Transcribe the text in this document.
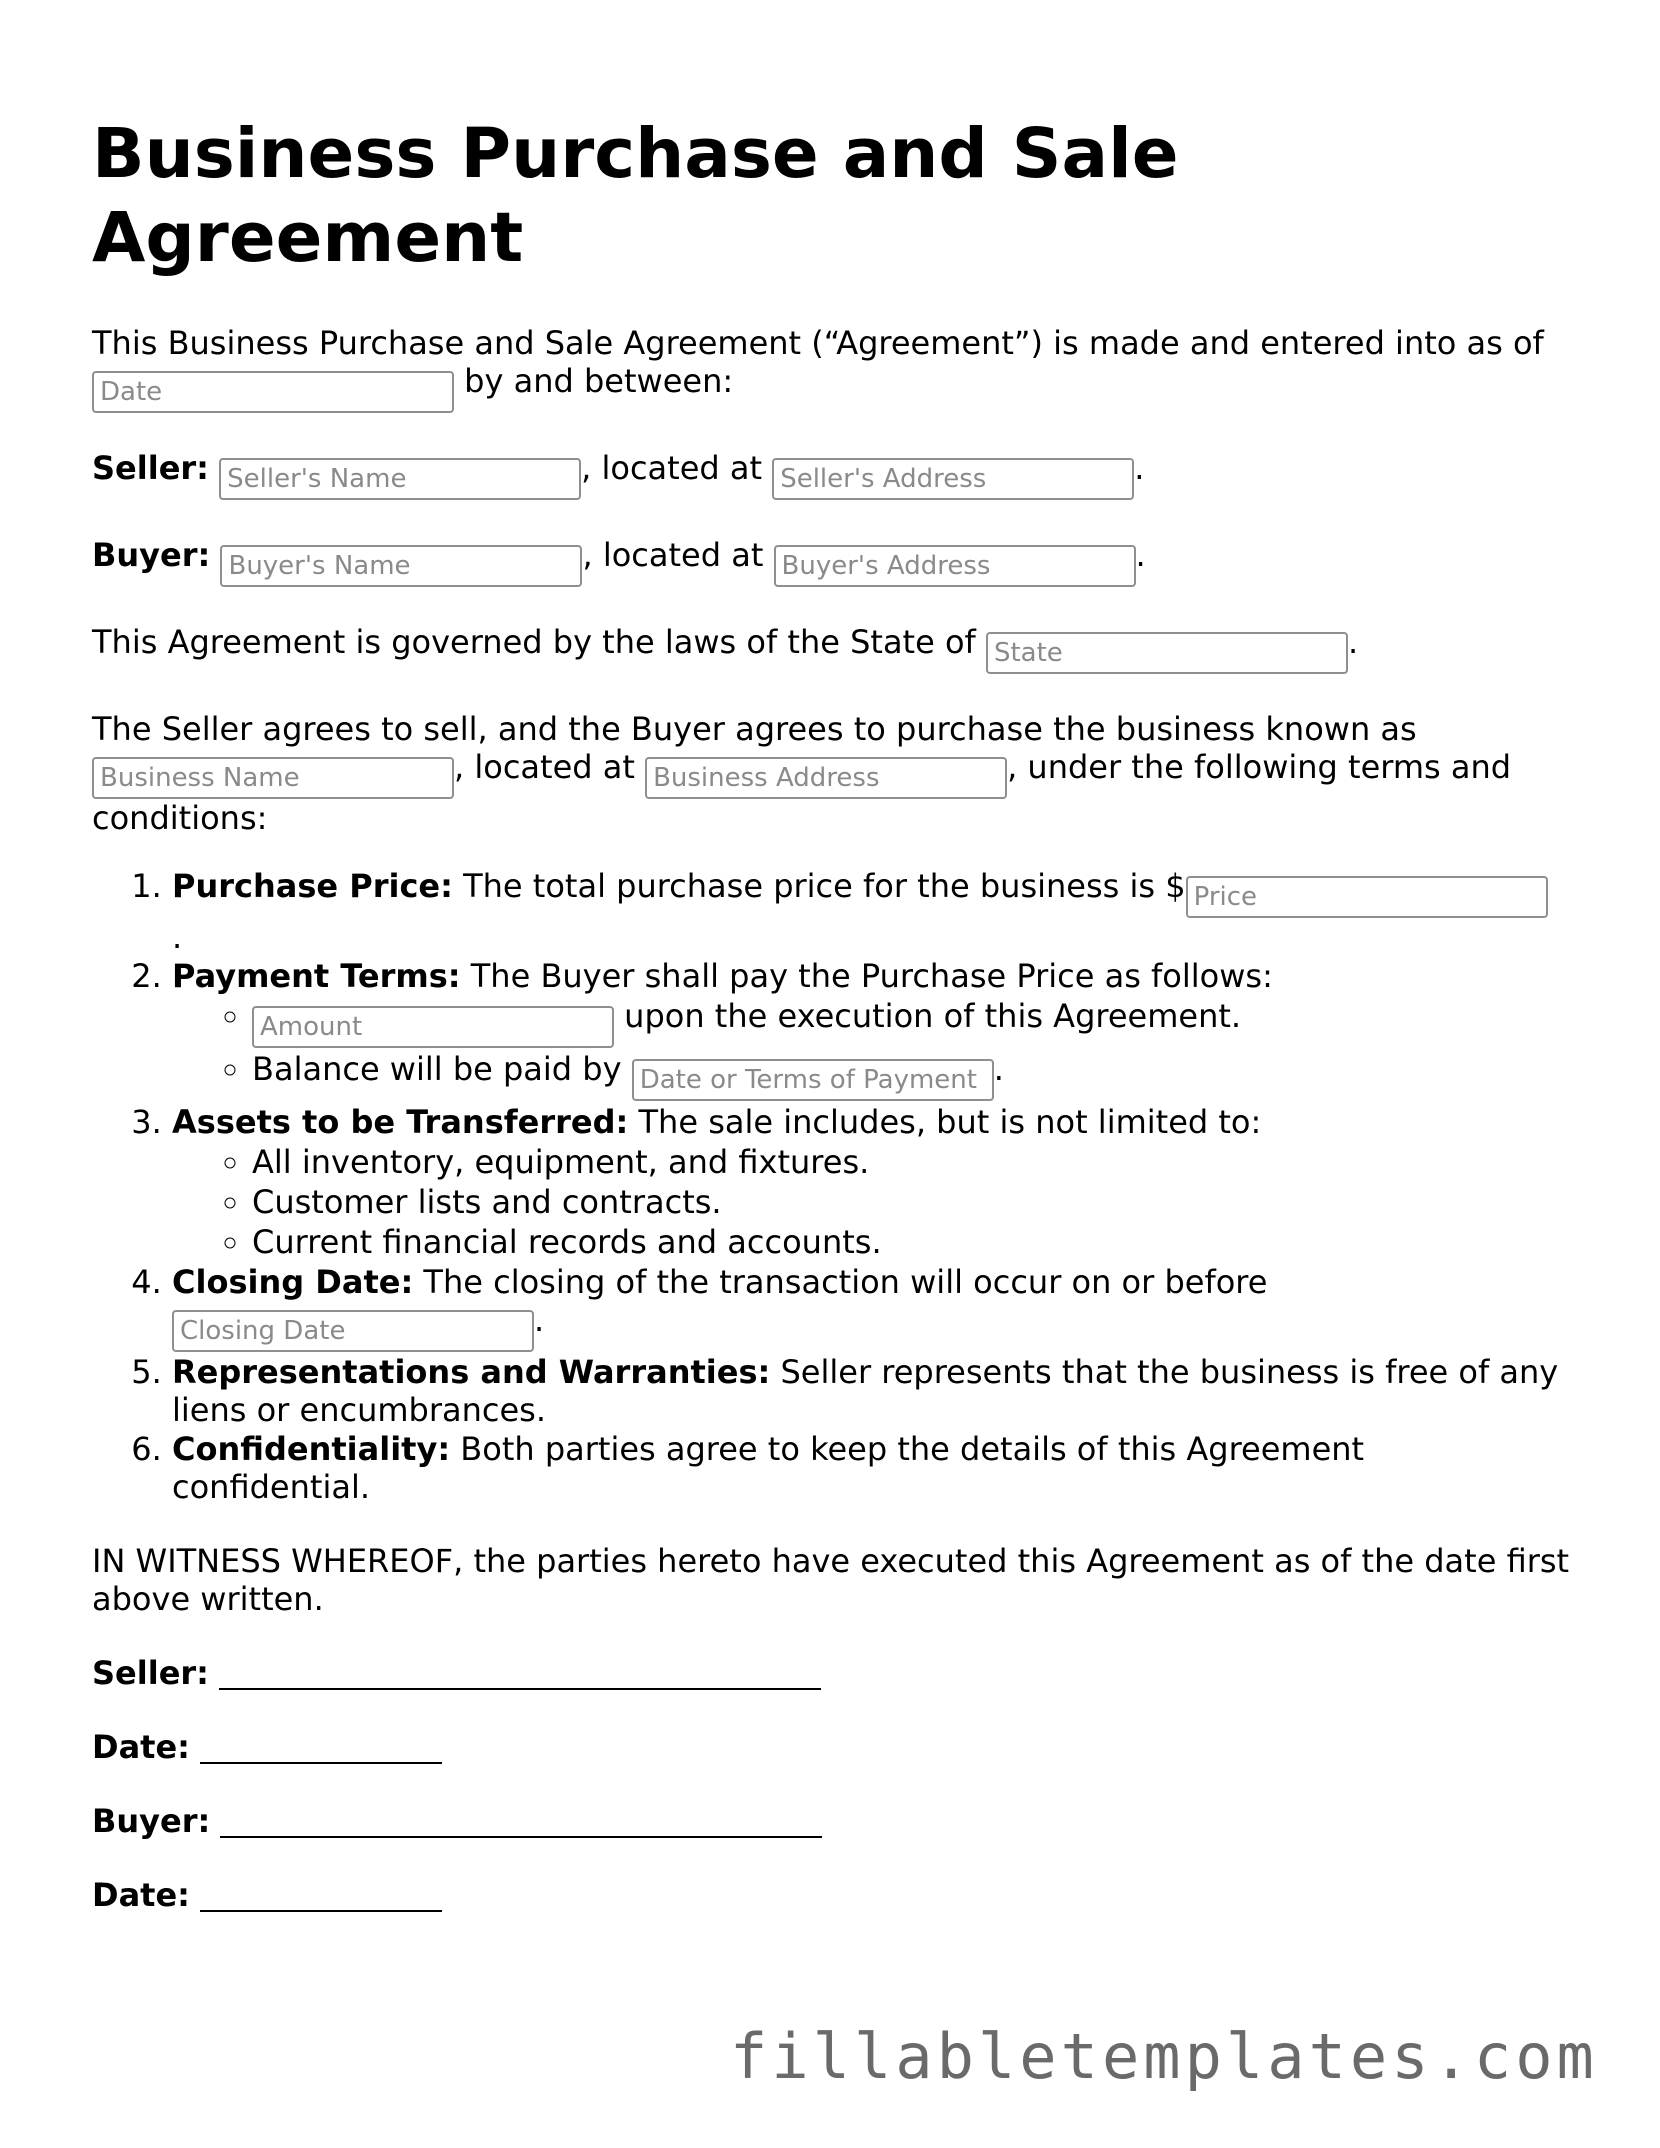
Business Purchase and Sale Agreement

This Business Purchase and Sale Agreement (“Agreement”) is made and entered into as of
Date by and between:

Seller: Seller's Name	, located at Seller's Address	.

Buyer: Buyer's Name	, located at Buyer's Address	.

This Agreement is governed by the laws of the State of State	.

The Seller agrees to sell, and the Buyer agrees to purchase the business known as
Business Name, located at Business Address	, under the following terms and conditions:

1. Purchase Price: The total purchase price for the business is $Price
.
2. Payment Terms: The Buyer shall pay the Purchase Price as follows:
Amount ◦ upon the execution of this Agreement.
◦ Balance will be paid by Date or Terms of Payment	.
3. Assets to be Transferred: The sale includes, but is not limited to:
◦ All inventory, equipment, and fixtures.
◦ Customer lists and contracts.
◦ Current financial records and accounts.
4. Closing Date: The closing of the transaction will occur on or before
Closing Date.
5. Representations and Warranties: Seller represents that the business is free of any liens or encumbrances.
6. Confidentiality: Both parties agree to keep the details of this Agreement confidential.

IN WITNESS WHEREOF, the parties hereto have executed this Agreement as of the date first above written.

Seller:
Date:
Buyer:
Date:
fillabletemplates.com
